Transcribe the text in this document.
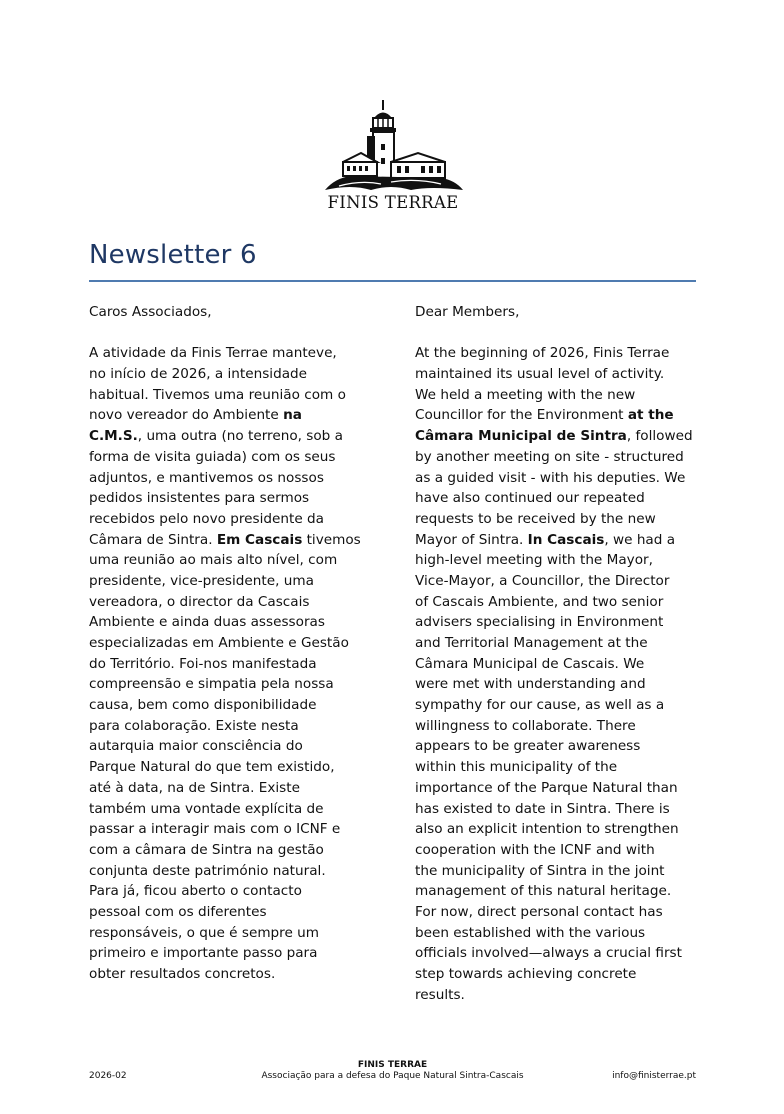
FINIS TERRAE
Newsletter 6
Caros Associados,
A atividade da Finis Terrae manteve,
no início de 2026, a intensidade
habitual. Tivemos uma reunião com o
novo vereador do Ambiente na
C.M.S., uma outra (no terreno, sob a
forma de visita guiada) com os seus
adjuntos, e mantivemos os nossos
pedidos insistentes para sermos
recebidos pelo novo presidente da
Câmara de Sintra. Em Cascais tivemos
uma reunião ao mais alto nível, com
presidente, vice-presidente, uma
vereadora, o director da Cascais
Ambiente e ainda duas assessoras
especializadas em Ambiente e Gestão
do Território. Foi-nos manifestada
compreensão e simpatia pela nossa
causa, bem como disponibilidade
para colaboração. Existe nesta
autarquia maior consciência do
Parque Natural do que tem existido,
até à data, na de Sintra. Existe
também uma vontade explícita de
passar a interagir mais com o ICNF e
com a câmara de Sintra na gestão
conjunta deste património natural.
Para já, ficou aberto o contacto
pessoal com os diferentes
responsáveis, o que é sempre um
primeiro e importante passo para
obter resultados concretos.
Dear Members,
At the beginning of 2026, Finis Terrae
maintained its usual level of activity.
We held a meeting with the new
Councillor for the Environment at the
Câmara Municipal de Sintra, followed
by another meeting on site - structured
as a guided visit - with his deputies. We
have also continued our repeated
requests to be received by the new
Mayor of Sintra. In Cascais, we had a
high-level meeting with the Mayor,
Vice-Mayor, a Councillor, the Director
of Cascais Ambiente, and two senior
advisers specialising in Environment
and Territorial Management at the
Câmara Municipal de Cascais. We
were met with understanding and
sympathy for our cause, as well as a
willingness to collaborate. There
appears to be greater awareness
within this municipality of the
importance of the Parque Natural than
has existed to date in Sintra. There is
also an explicit intention to strengthen
cooperation with the ICNF and with
the municipality of Sintra in the joint
management of this natural heritage.
For now, direct personal contact has
been established with the various
officials involved—always a crucial first
step towards achieving concrete
results.
FINIS TERRAE
Associação para a defesa do Paque Natural Sintra-Cascais
2026-02	info@finisterrae.pt
